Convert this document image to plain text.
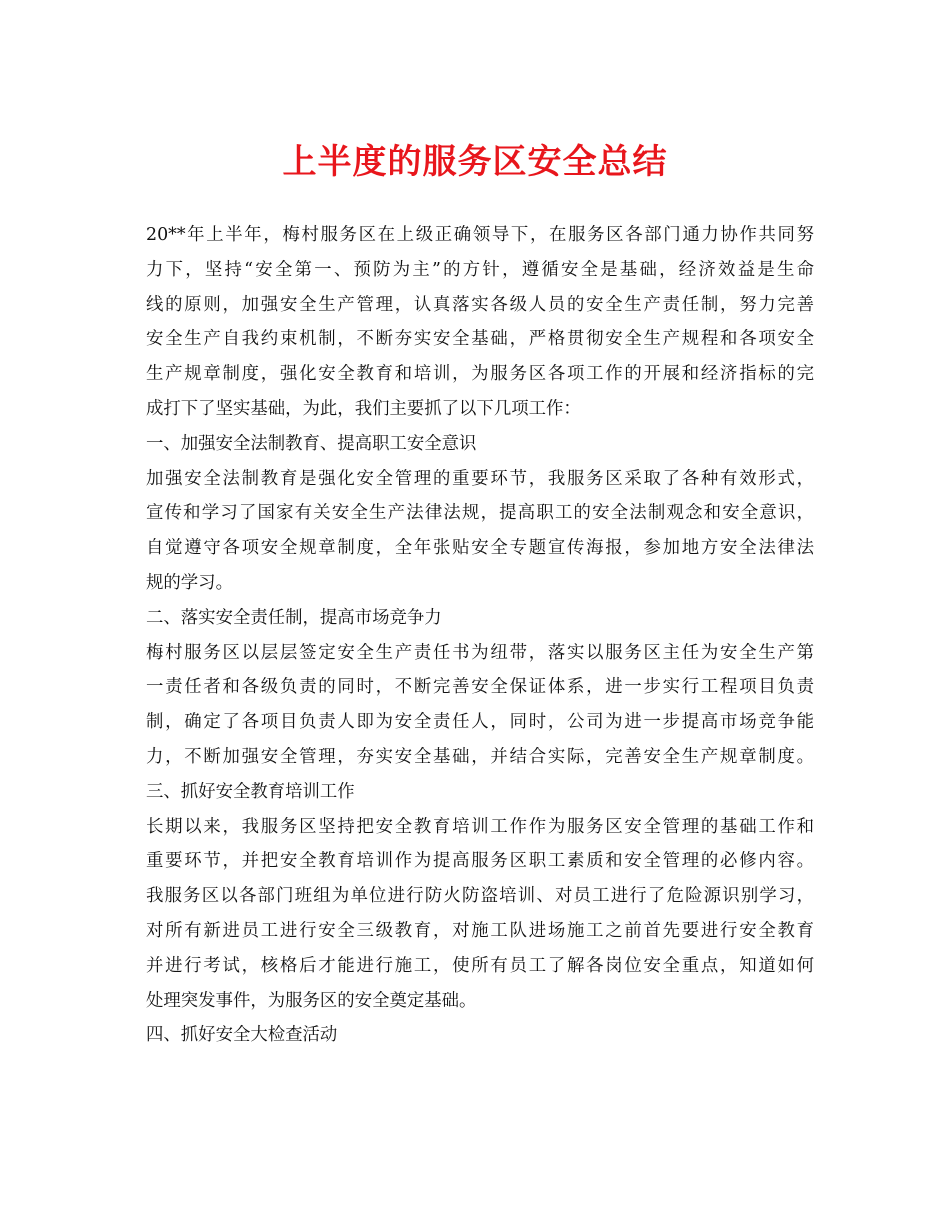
上半度的服务区安全总结
20**年上半年，梅村服务区在上级正确领导下，在服务区各部门通力协作共同努
力下，坚持“安全第一、预防为主”的方针，遵循安全是基础，经济效益是生命
线的原则，加强安全生产管理，认真落实各级人员的安全生产责任制，努力完善
安全生产自我约束机制，不断夯实安全基础，严格贯彻安全生产规程和各项安全
生产规章制度，强化安全教育和培训，为服务区各项工作的开展和经济指标的完
成打下了坚实基础，为此，我们主要抓了以下几项工作：
一、加强安全法制教育、提高职工安全意识
加强安全法制教育是强化安全管理的重要环节，我服务区采取了各种有效形式，
宣传和学习了国家有关安全生产法律法规，提高职工的安全法制观念和安全意识，
自觉遵守各项安全规章制度，全年张贴安全专题宣传海报，参加地方安全法律法
规的学习。
二、落实安全责任制，提高市场竞争力
梅村服务区以层层签定安全生产责任书为纽带，落实以服务区主任为安全生产第
一责任者和各级负责的同时，不断完善安全保证体系，进一步实行工程项目负责
制，确定了各项目负责人即为安全责任人，同时，公司为进一步提高市场竞争能
力，不断加强安全管理，夯实安全基础，并结合实际，完善安全生产规章制度。
三、抓好安全教育培训工作
长期以来，我服务区坚持把安全教育培训工作作为服务区安全管理的基础工作和
重要环节，并把安全教育培训作为提高服务区职工素质和安全管理的必修内容。
我服务区以各部门班组为单位进行防火防盗培训、对员工进行了危险源识别学习，
对所有新进员工进行安全三级教育，对施工队进场施工之前首先要进行安全教育
并进行考试，核格后才能进行施工，使所有员工了解各岗位安全重点，知道如何
处理突发事件，为服务区的安全奠定基础。
四、抓好安全大检查活动
